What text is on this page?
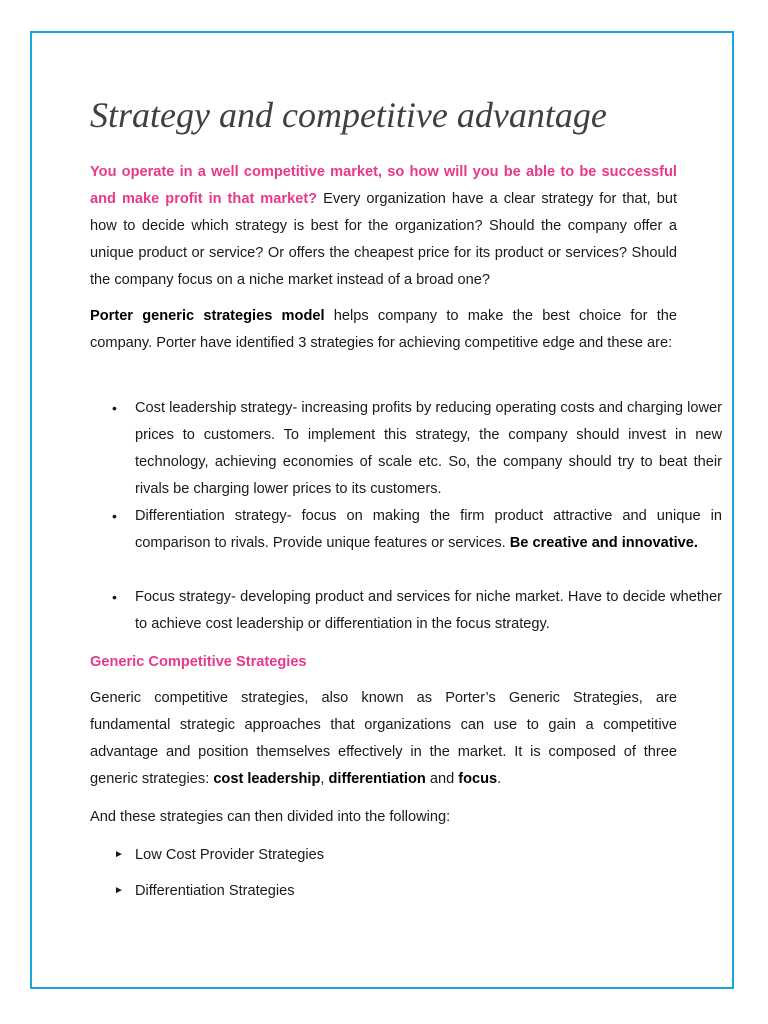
Strategy and competitive advantage

You operate in a well competitive market, so how will you be able to be successful and make profit in that market? Every organization have a clear strategy for that, but how to decide which strategy is best for the organization? Should the company offer a unique product or service? Or offers the cheapest price for its product or services? Should the company focus on a niche market instead of a broad one?

Porter generic strategies model helps company to make the best choice for the company. Porter have identified 3 strategies for achieving competitive edge and these are:

• Cost leadership strategy- increasing profits by reducing operating costs and charging lower prices to customers. To implement this strategy, the company should invest in new technology, achieving economies of scale etc. So, the company should try to beat their rivals be charging lower prices to its customers.
• Differentiation strategy- focus on making the firm product attractive and unique in comparison to rivals. Provide unique features or services. Be creative and innovative.
• Focus strategy- developing product and services for niche market. Have to decide whether to achieve cost leadership or differentiation in the focus strategy.
Generic Competitive Strategies

Generic competitive strategies, also known as Porter’s Generic Strategies, are fundamental strategic approaches that organizations can use to gain a competitive advantage and position themselves effectively in the market. It is composed of three generic strategies: cost leadership, differentiation and focus.

And these strategies can then divided into the following:

► Low Cost Provider Strategies
► Differentiation Strategies
